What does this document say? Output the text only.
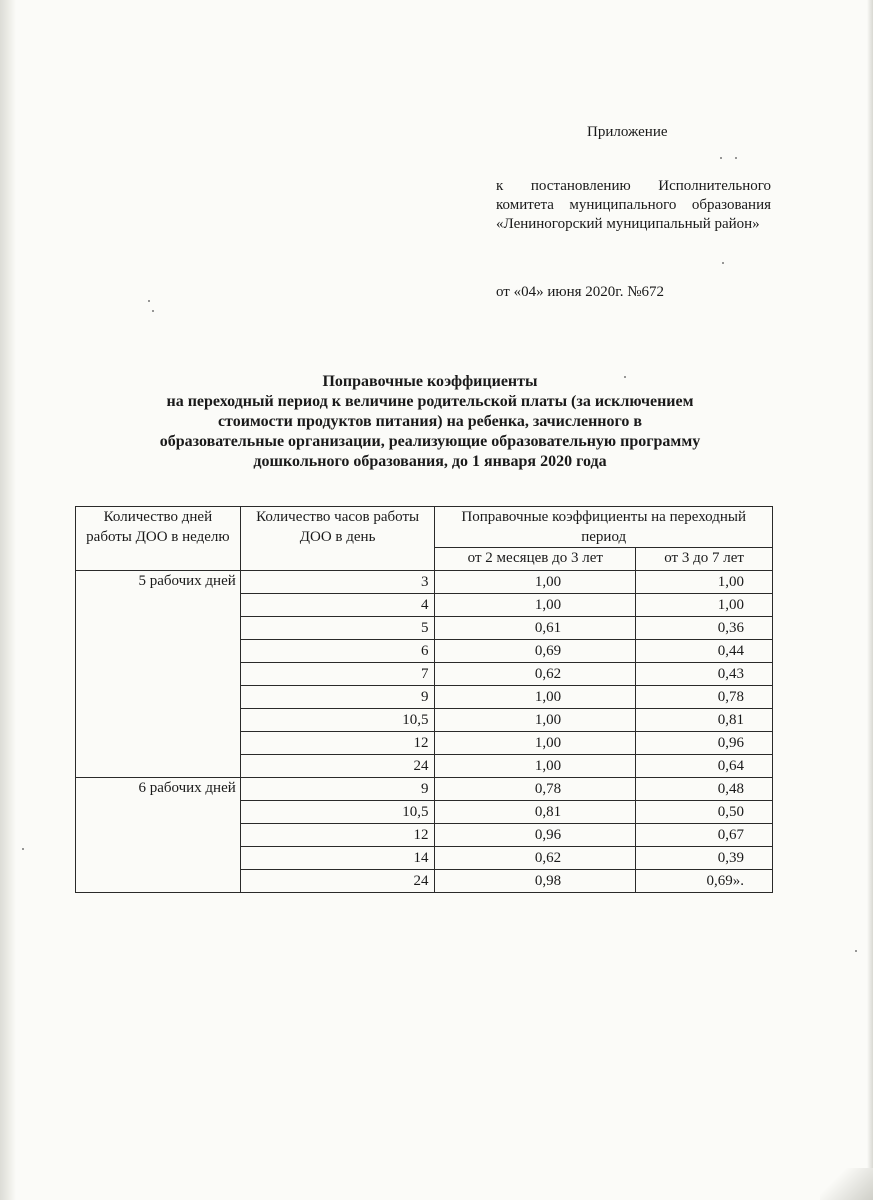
Приложение
к постановлению Исполнительного комитета муниципального образования «Лениногорский муниципальный район»
от «04» июня 2020г. №672
Поправочные коэффициенты
на переходный период к величине родительской платы (за исключением
стоимости продуктов питания) на ребенка, зачисленного в
образовательные организации, реализующие образовательную программу
дошкольного образования, до 1 января 2020 года
Количество дней работы ДОО в неделю	Количество часов работы ДОО в день	Поправочные коэффициенты на переходный период	
		от 2 месяцев до 3 лет	от 3 до 7 лет
5 рабочих дней	3	1,00	1,00
	4	1,00	1,00
	5	0,61	0,36
	6	0,69	0,44
	7	0,62	0,43
	9	1,00	0,78
	10,5	1,00	0,81
	12	1,00	0,96
	24	1,00	0,64
6 рабочих дней	9	0,78	0,48
	10,5	0,81	0,50
	12	0,96	0,67
	14	0,62	0,39
	24	0,98	0,69».
